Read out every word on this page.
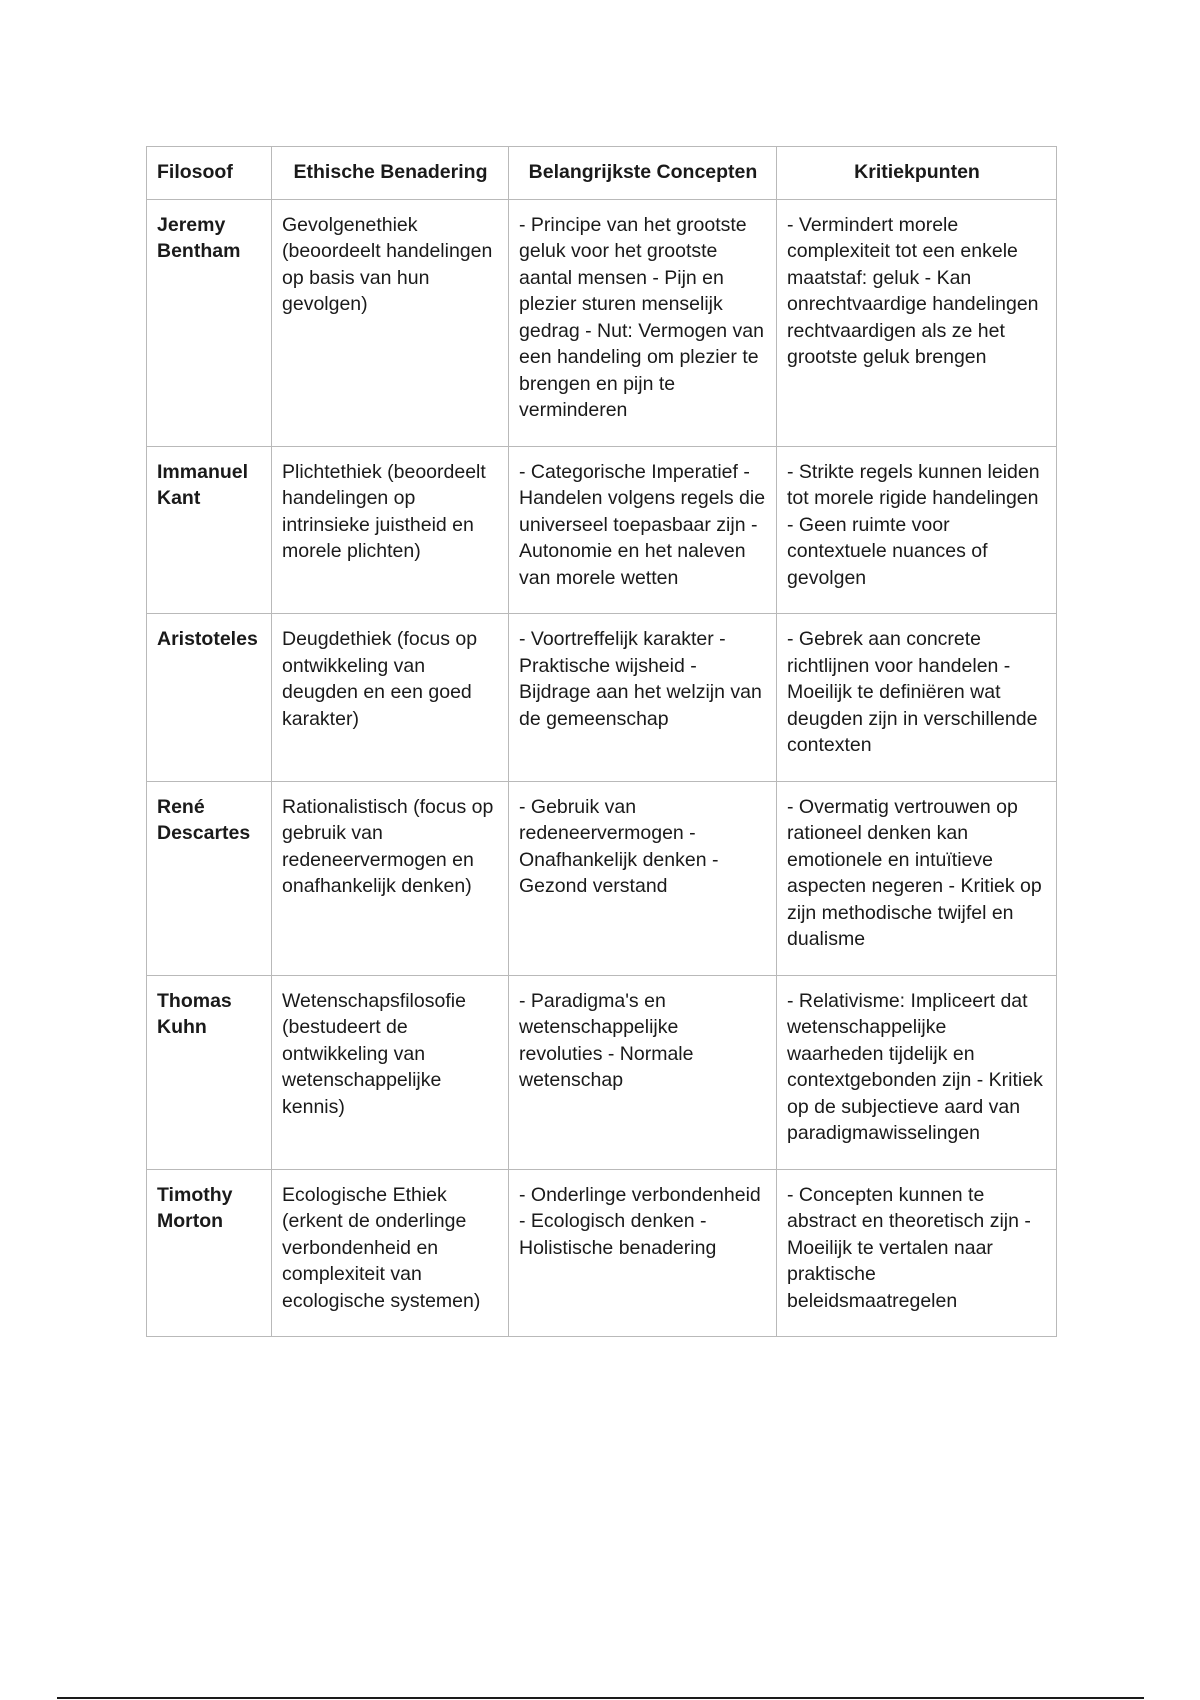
Filosoof	Ethische Benadering	Belangrijkste Concepten	Kritiekpunten
Jeremy Bentham	Gevolgenethiek (beoordeelt handelingen op basis van hun gevolgen)	- Principe van het grootste geluk voor het grootste aantal mensen - Pijn en plezier sturen menselijk gedrag - Nut: Vermogen van een handeling om plezier te brengen en pijn te verminderen	- Vermindert morele complexiteit tot een enkele maatstaf: geluk - Kan onrechtvaardige handelingen rechtvaardigen als ze het grootste geluk brengen
Immanuel Kant	Plichtethiek (beoordeelt handelingen op intrinsieke juistheid en morele plichten)	- Categorische Imperatief - Handelen volgens regels die universeel toepasbaar zijn - Autonomie en het naleven van morele wetten	- Strikte regels kunnen leiden tot morele rigide handelingen - Geen ruimte voor contextuele nuances of gevolgen
Aristoteles	Deugdethiek (focus op ontwikkeling van deugden en een goed karakter)	- Voortreffelijk karakter - Praktische wijsheid - Bijdrage aan het welzijn van de gemeenschap	- Gebrek aan concrete richtlijnen voor handelen - Moeilijk te definiëren wat deugden zijn in verschillende contexten
René Descartes	Rationalistisch (focus op gebruik van redeneervermogen en onafhankelijk denken)	- Gebruik van redeneervermogen - Onafhankelijk denken - Gezond verstand	- Overmatig vertrouwen op rationeel denken kan emotionele en intuïtieve aspecten negeren - Kritiek op zijn methodische twijfel en dualisme
Thomas Kuhn	Wetenschapsfilosofie (bestudeert de ontwikkeling van wetenschappelijke kennis)	- Paradigma's en wetenschappelijke revoluties - Normale wetenschap	- Relativisme: Impliceert dat wetenschappelijke waarheden tijdelijk en contextgebonden zijn - Kritiek op de subjectieve aard van paradigmawisselingen
Timothy Morton	Ecologische Ethiek (erkent de onderlinge verbondenheid en complexiteit van ecologische systemen)	- Onderlinge verbondenheid - Ecologisch denken - Holistische benadering	- Concepten kunnen te abstract en theoretisch zijn - Moeilijk te vertalen naar praktische beleidsmaatregelen
